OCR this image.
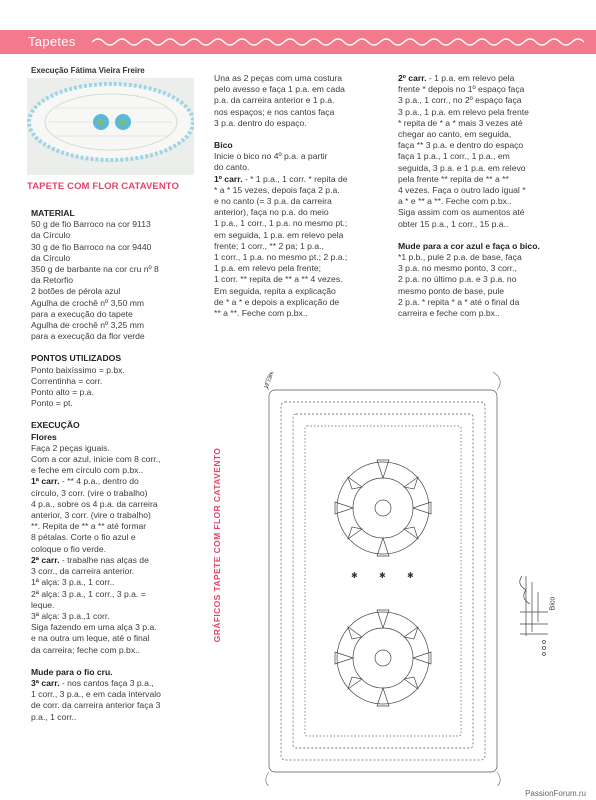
Tapetes
Execução Fátima Vieira Freire
TAPETE COM FLOR CATAVENTO

MATERIAL

50 g de fio Barroco na cor 9113

da Círculo

30 g de fio Barroco na cor 9440

da Círculo

350 g de barbante na cor cru nº 8

da Retorfio

2 botões de pérola azul

Agulha de crochê nº 3,50 mm

para a execução do tapete

Agulha de crochê nº 3,25 mm

para a execução da flor verde

PONTOS UTILIZADOS

Ponto baixíssimo = p.bx.

Correntinha = corr.

Ponto alto = p.a.

Ponto = pt.

EXECUÇÃO

Flores

Faça 2 peças iguais.

Com a cor azul, inicie com 8 corr.,

e feche em círculo com p.bx..

1ª carr. - ** 4 p.a., dentro do

círculo, 3 corr. (vire o trabalho)

4 p.a., sobre os 4 p.a. da carreira

anterior, 3 corr. (vire o trabalho)

**. Repita de ** a ** até formar

8 pétalas. Corte o fio azul e

coloque o fio verde.

2ª carr. - trabalhe nas alças de

3 corr., da carreira anterior.

1ª alça: 3 p.a., 1 corr..

2ª alça: 3 p.a., 1 corr., 3 p.a. =

leque.

3ª alça: 3 p.a.,1 corr.

Siga fazendo em uma alça 3 p.a.

e na outra um leque, até o final

da carreira; feche com p.bx..

Mude para o fio cru.

3ª carr. - nos cantos faça 3 p.a.,

1 corr., 3 p.a., e em cada intervalo

de corr. da carreira anterior faça 3

p.a., 1 corr..

Una as 2 peças com uma costura

pelo avesso e faça 1 p.a. em cada

p.a. da carreira anterior e 1 p.a.

nos espaços; e nos cantos faça

3 p.a. dentro do espaço.

Bico

Inicie o bico no 4º p.a. a partir

do canto.

1º carr. - * 1 p.a., 1 corr. * repita de

* a * 15 vezes, depois faça 2 p.a.

e no canto (= 3 p.a. da carreira

anterior), faça no p.a. do meio

1 p.a., 1 corr., 1 p.a. no mesmo pt.;

em seguida, 1 p.a. em relevo pela

frente; 1 corr., ** 2 pa; 1 p.a.,

1 corr., 1 p.a. no mesmo pt.; 2 p.a.;

1 p.a. em relevo pela frente;

1 corr. ** repita de ** a ** 4 vezes.

Em seguida, repita a explicação

de * a * e depois a explicação de

** a **. Feche com p.bx..

2º carr. - 1 p.a. em relevo pela

frente * depois no 1º espaço faça

3 p.a., 1 corr., no 2º espaço faça

3 p.a., 1 p.a. em relevo pela frente

* repita de * a * mais 3 vezes até

chegar ao canto, em seguida,

faça ** 3 p.a. e dentro do espaço

faça 1 p.a., 1 corr., 1 p.a., em

seguida, 3 p.a. e 1 p.a. em relevo

pela frente ** repita de ** a **

4 vezes. Faça o outro lado igual *

a * e ** a **. Feche com p.bx..

Siga assim com os aumentos até

obter 15 p.a., 1 corr., 15 p.a..

Mude para a cor azul e faça o bico.

*1 p.b., pule 2 p.a. de base, faça

3 p.a. no mesmo ponto, 3 corr.,

2 p.a. no último p.a. e 3 p.a. no

mesmo ponto de base, pule

2 p.a. * repita * a * até o final da

carreira e feche com p.bx..

GRÁFICOS TAPETE COM FLOR CATAVENTO	✱	✱	✱
12 carr.
Bico
PassionForum.ru
